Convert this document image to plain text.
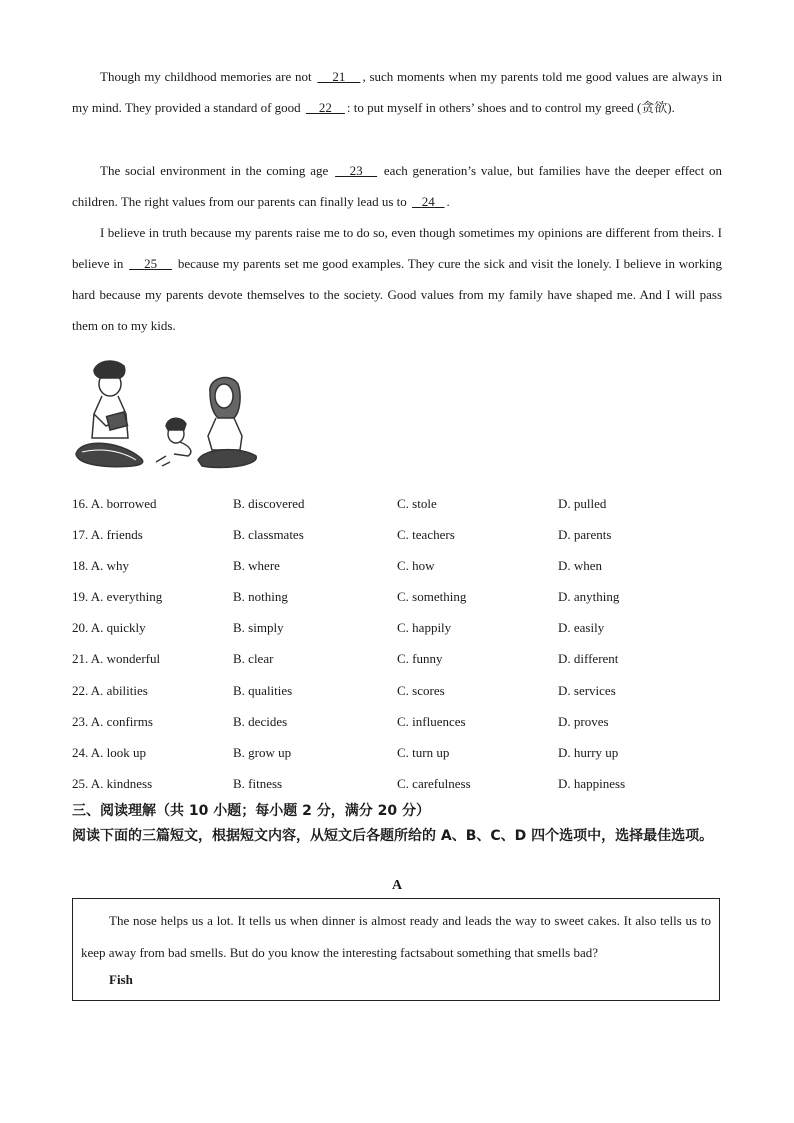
Though my childhood memories are not     21 , such moments when my parents told me good values are always in my mind. They provided a standard of good     22 : to put myself in others’ shoes and to control my greed (贪欲).

The social environment in the coming age    23    each generation’s value, but families have the deeper effect on children. The right values from our parents can finally lead us to    24 .

I believe in truth because my parents raise me to do so, even though sometimes my opinions are different from theirs. I believe in     25     because my parents set me good examples. They cure the sick and visit the lonely. I believe in working hard because my parents devote themselves to the society. Good values from my family have shaped me. And I will pass them on to my kids.

16. A. borrowed	B. discovered	C. stole	D. pulled
17. A. friends	B. classmates	C. teachers	D. parents
18. A. why	B. where	C. how	D. when
19. A. everything	B. nothing	C. something	D. anything
20. A. quickly	B. simply	C. happily	D. easily
21. A. wonderful	B. clear	C. funny	D. different
22. A. abilities	B. qualities	C. scores	D. services
23. A. confirms	B. decides	C. influences	D. proves
24. A. look up	B. grow up	C. turn up	D. hurry up
25. A. kindness	B. fitness	C. carefulness	D. happiness

三、阅读理解（共 10 小题；每小题 2 分，满分 20 分）

阅读下面的三篇短文，根据短文内容，从短文后各题所给的 A、B、C、D 四个选项中，选择最佳选项。

A

The nose helps us a lot. It tells us when dinner is almost ready and leads the way to sweet cakes. It also tells us to keep away from bad smells. But do you know the interesting factsabout something that smells bad?

Fish
